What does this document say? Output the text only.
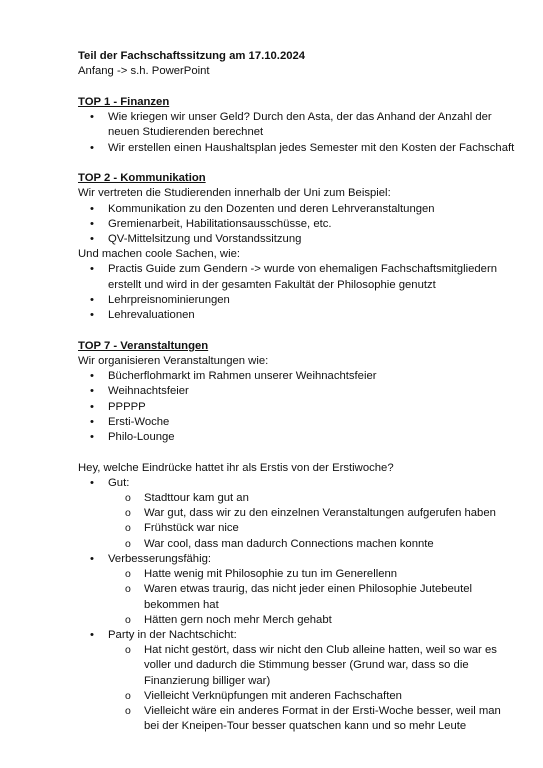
Teil der Fachschaftssitzung am 17.10.2024
Anfang -> s.h. PowerPoint
TOP 1 - Finanzen
•	Wie kriegen wir unser Geld? Durch den Asta, der das Anhand der Anzahl der
neuen Studierenden berechnet
•	Wir erstellen einen Haushaltsplan jedes Semester mit den Kosten der Fachschaft
TOP 2 - Kommunikation
Wir vertreten die Studierenden innerhalb der Uni zum Beispiel:
•	Kommunikation zu den Dozenten und deren Lehrveranstaltungen
•	Gremienarbeit, Habilitationsausschüsse, etc.
•	QV-Mittelsitzung und Vorstandssitzung
Und machen coole Sachen, wie:
•	Practis Guide zum Gendern -> wurde von ehemaligen Fachschaftsmitgliedern
erstellt und wird in der gesamten Fakultät der Philosophie genutzt
•	Lehrpreisnominierungen
•	Lehrevaluationen
TOP 7 - Veranstaltungen
Wir organisieren Veranstaltungen wie:
•	Bücherflohmarkt im Rahmen unserer Weihnachtsfeier
•	Weihnachtsfeier
•	PPPPP
•	Ersti-Woche
•	Philo-Lounge
Hey, welche Eindrücke hattet ihr als Erstis von der Erstiwoche?
•	Gut:
o	Stadttour kam gut an
o	War gut, dass wir zu den einzelnen Veranstaltungen aufgerufen haben
o	Frühstück war nice
o	War cool, dass man dadurch Connections machen konnte
•	Verbesserungsfähig:
o	Hatte wenig mit Philosophie zu tun im Generellenn
o	Waren etwas traurig, das nicht jeder einen Philosophie Jutebeutel
bekommen hat
o	Hätten gern noch mehr Merch gehabt
•	Party in der Nachtschicht:
o	Hat nicht gestört, dass wir nicht den Club alleine hatten, weil so war es
voller und dadurch die Stimmung besser (Grund war, dass so die
Finanzierung billiger war)
o	Vielleicht Verknüpfungen mit anderen Fachschaften
o	Vielleicht wäre ein anderes Format in der Ersti-Woche besser, weil man
bei der Kneipen-Tour besser quatschen kann und so mehr Leute
